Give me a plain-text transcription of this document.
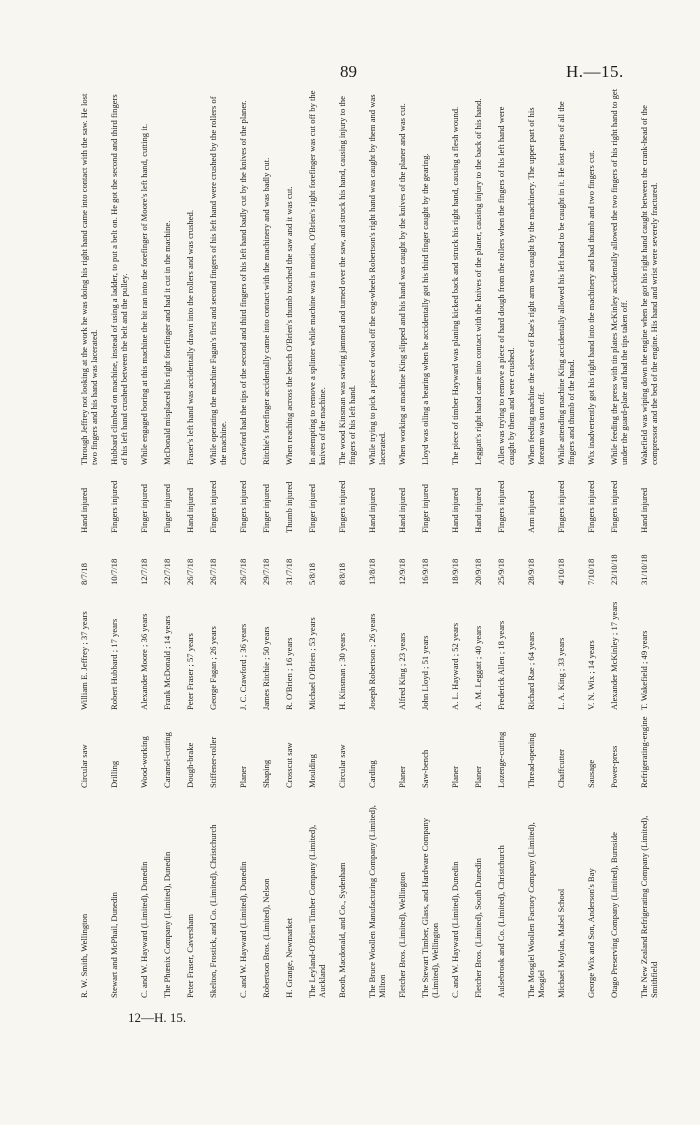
89	H.—15.
R. W. Smith, Wellington	Circular saw	William E. Jeffrey ; 37 years	8/7/18	Hand injured	Through Jeffrey not looking at the work he was doing his right hand came into contact with the saw. He lost two fingers and his hand was lacerated.
Stewart and McPhail, Dunedin	Drilling	Robert Hubbard ; 17 years	10/7/18	Fingers injured	Hubbard climbed on machine, instead of using a ladder, to put a belt on. He got the second and third fingers of his left hand crushed between the belt and the pulley.
C. and W. Hayward (Limited), Dunedin	Wood-working	Alexander Moore ; 36 years	12/7/18	Finger injured	While engaged boring at this machine the bit ran into the forefinger of Moore's left hand, cutting it.
The Phœnix Company (Limited), Dunedin	Caramel-cutting	Frank McDonald ; 14 years	22/7/18	Finger injured	McDonald misplaced his right forefinger and had it cut in the machine.
Peter Fraser, Caversham	Dough-brake	Peter Fraser ; 57 years	26/7/18	Hand injured	Fraser's left hand was accidentally drawn into the rollers and was crushed.
Skelton, Frostick, and Co. (Limited), Christchurch	Stiffener-roller	George Fagan ; 26 years	26/7/18	Fingers injured	While operating the machine Fagan's first and second fingers of his left hand were crushed by the rollers of the machine.
C. and W. Hayward (Limited), Dunedin	Planer	J. C. Crawford ; 36 years	26/7/18	Fingers injured	Crawford had the tips of the second and third fingers of his left hand badly cut by the knives of the planer.
Robertson Bros. (Limited), Nelson	Shaping	James Ritchie ; 50 years	29/7/18	Finger injured	Ritchie's forefinger accidentally came into contact with the machinery and was badly cut.
H. Grange, Newmarket	Crosscut saw	R. O'Brien ; 16 years	31/7/18	Thumb injured	When reaching across the bench O'Brien's thumb touched the saw and it was cut.
The Leyland-O'Brien Timber Company (Limited), Auckland	Moulding	Michael O'Brien ; 53 years	5/8/18	Finger injured	In attempting to remove a splinter while machine was in motion, O'Brien's right forefinger was cut off by the knives of the machine.
Booth, Macdonald, and Co., Sydenham	Circular saw	H. Kinsman ; 30 years	8/8/18	Fingers injured	The wood Kinsman was sawing jammed and turned over the saw, and struck his hand, causing injury to the fingers of his left hand.
The Bruce Woollen Manufacturing Company (Limited), Milton	Carding	Joseph Robertson ; 26 years	13/8/18	Hand injured	While trying to pick a piece of wool off the cog-wheels Robertson's right hand was caught by them and was lacerated.
Fletcher Bros. (Limited), Wellington	Planer	Alfred King ; 23 years	12/9/18	Hand injured	When working at machine King slipped and his hand was caught by the knives of the planer and was cut.
The Stewart Timber, Glass, and Hardware Company (Limited), Wellington	Saw-bench	John Lloyd ; 51 years	16/9/18	Finger injured	Lloyd was oiling a bearing when he accidentally got his third finger caught by the gearing.
C. and W. Hayward (Limited), Dunedin	Planer	A. L. Hayward ; 52 years	18/9/18	Hand injured	The piece of timber Hayward was planing kicked back and struck his right hand, causing a flesh wound.
Fletcher Bros. (Limited), South Dunedin	Planer	A. M. Leggatt ; 40 years	20/9/18	Hand injured	Leggatt's right hand came into contact with the knives of the planer, causing injury to the back of his hand.
Aulsebrook and Co. (Limited), Christchurch	Lozenge-cutting	Frederick Allen ; 18 years	25/9/18	Fingers injured	Allen was trying to remove a piece of hard dough from the rollers when the fingers of his left hand were caught by them and were crushed.
The Mosgiel Woollen Factory Company (Limited), Mosgiel	Thread-opening	Richard Rae ; 64 years	28/9/18	Arm injured	When feeding machine the sleeve of Rae's right arm was caught by the machinery. The upper part of his forearm was torn off.
Michael Moylan, Mabel School	Chaffcutter	L. A. King ; 33 years	4/10/18	Fingers injured	While attending machine King accidentally allowed his left hand to be caught in it. He lost parts of all the fingers and thumb of the hand.
George Wix and Son, Anderson's Bay	Sausage	V. N. Wix ; 14 years	7/10/18	Fingers injured	Wix inadvertently got his right hand into the machinery and had thumb and two fingers cut.
Otago Preserving Company (Limited), Burnside	Power-press	Alexander McKinley ; 17 years	23/10/18	Fingers injured	While feeding the press with tin plates McKinley accidentally allowed the two fingers of his right hand to get under the guard-plate and had the tips taken off.
The New Zealand Refrigerating Company (Limited), Smithfield	Refrigerating-engine	T. Wakefield ; 49 years	31/10/18	Hand injured	Wakefield was wiping down the engine when he got his right hand caught between the crank-head of the compressor and the bed of the engine. His hand and wrist were severely fractured.
12—H. 15.
